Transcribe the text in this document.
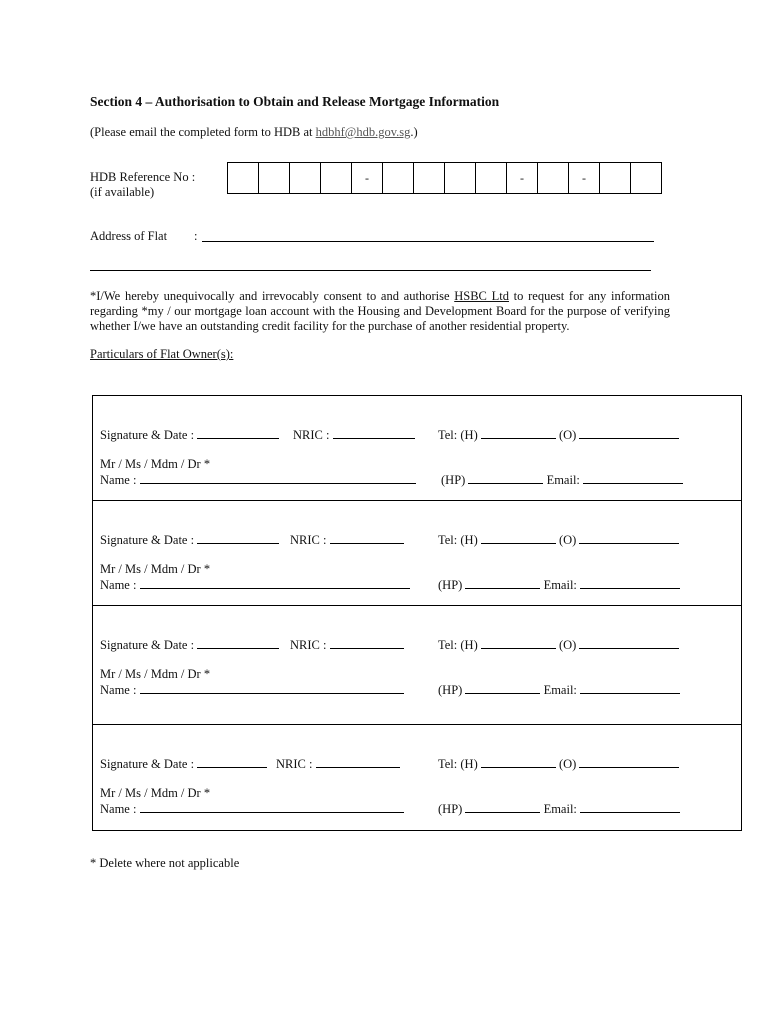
Section 4 – Authorisation to Obtain and Release Mortgage Information
(Please email the completed form to HDB at hdbhf@hdb.gov.sg.)
HDB Reference No :
(if available)
-	-	-
Address of Flat :
*I/We hereby unequivocally and irrevocably consent to and authorise HSBC Ltd to request for any information regarding *my / our mortgage loan account with the Housing and Development Board for the purpose of verifying whether I/we have an outstanding credit facility for the purchase of another residential property.
Particulars of Flat Owner(s):
Signature & Date :	NRIC :	Tel: (H)	(O)
Mr / Ms / Mdm / Dr *
Name :	(HP)	Email:
Signature & Date :	NRIC :	Tel: (H)	(O)
Mr / Ms / Mdm / Dr *
Name :	(HP)	Email:
Signature & Date :	NRIC :	Tel: (H)	(O)
Mr / Ms / Mdm / Dr *
Name :	(HP)	Email:
Signature & Date :	NRIC :	Tel: (H)	(O)
Mr / Ms / Mdm / Dr *
Name :	(HP)	Email:
* Delete where not applicable
